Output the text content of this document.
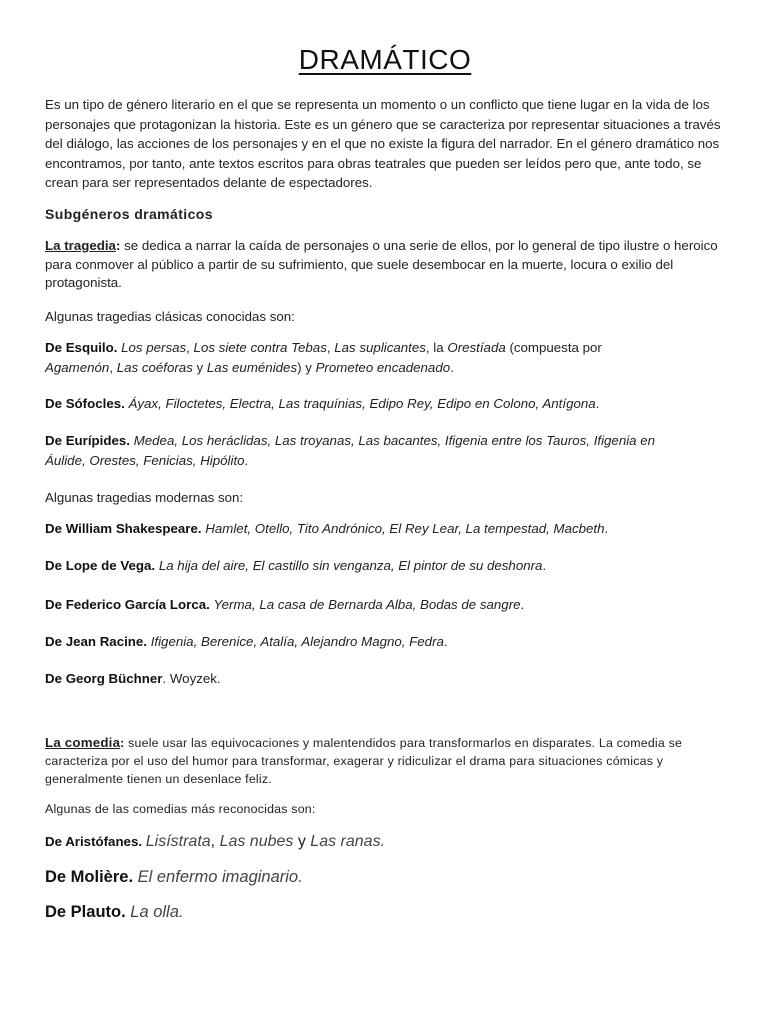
DRAMÁTICO
Es un tipo de género literario en el que se representa un momento o un conflicto que tiene lugar en la vida de los personajes que protagonizan la historia. Este es un género que se caracteriza por representar situaciones a través del diálogo, las acciones de los personajes y en el que no existe la figura del narrador. En el género dramático nos encontramos, por tanto, ante textos escritos para obras teatrales que pueden ser leídos pero que, ante todo, se crean para ser representados delante de espectadores.
Subgéneros dramáticos
La tragedia: se dedica a narrar la caída de personajes o una serie de ellos, por lo general de tipo ilustre o heroico para conmover al público a partir de su sufrimiento, que suele desembocar en la muerte, locura o exilio del protagonista.
Algunas tragedias clásicas conocidas son:
De Esquilo. Los persas, Los siete contra Tebas, Las suplicantes, la Orestíada (compuesta por Agamenón, Las coéforas y Las euménides) y Prometeo encadenado.
De Sófocles. Áyax, Filoctetes, Electra, Las traquínias, Edipo Rey, Edipo en Colono, Antígona.
De Eurípides. Medea, Los heráclidas, Las troyanas, Las bacantes, Ifigenia entre los Tauros, Ifigenia en Áulide, Orestes, Fenicias, Hipólito.
Algunas tragedias modernas son:
De William Shakespeare. Hamlet, Otello, Tito Andrónico, El Rey Lear, La tempestad, Macbeth.
De Lope de Vega. La hija del aire, El castillo sin venganza, El pintor de su deshonra.
De Federico García Lorca. Yerma, La casa de Bernarda Alba, Bodas de sangre.
De Jean Racine. Ifigenia, Berenice, Atalía, Alejandro Magno, Fedra.
De Georg Büchner. Woyzek.
La comedia: suele usar las equivocaciones y malentendidos para transformarlos en disparates. La comedia se caracteriza por el uso del humor para transformar, exagerar y ridiculizar el drama para situaciones cómicas y generalmente tienen un desenlace feliz.
Algunas de las comedias más reconocidas son:
De Aristófanes. Lisístrata, Las nubes y Las ranas.
De Molière. El enfermo imaginario.
De Plauto. La olla.
